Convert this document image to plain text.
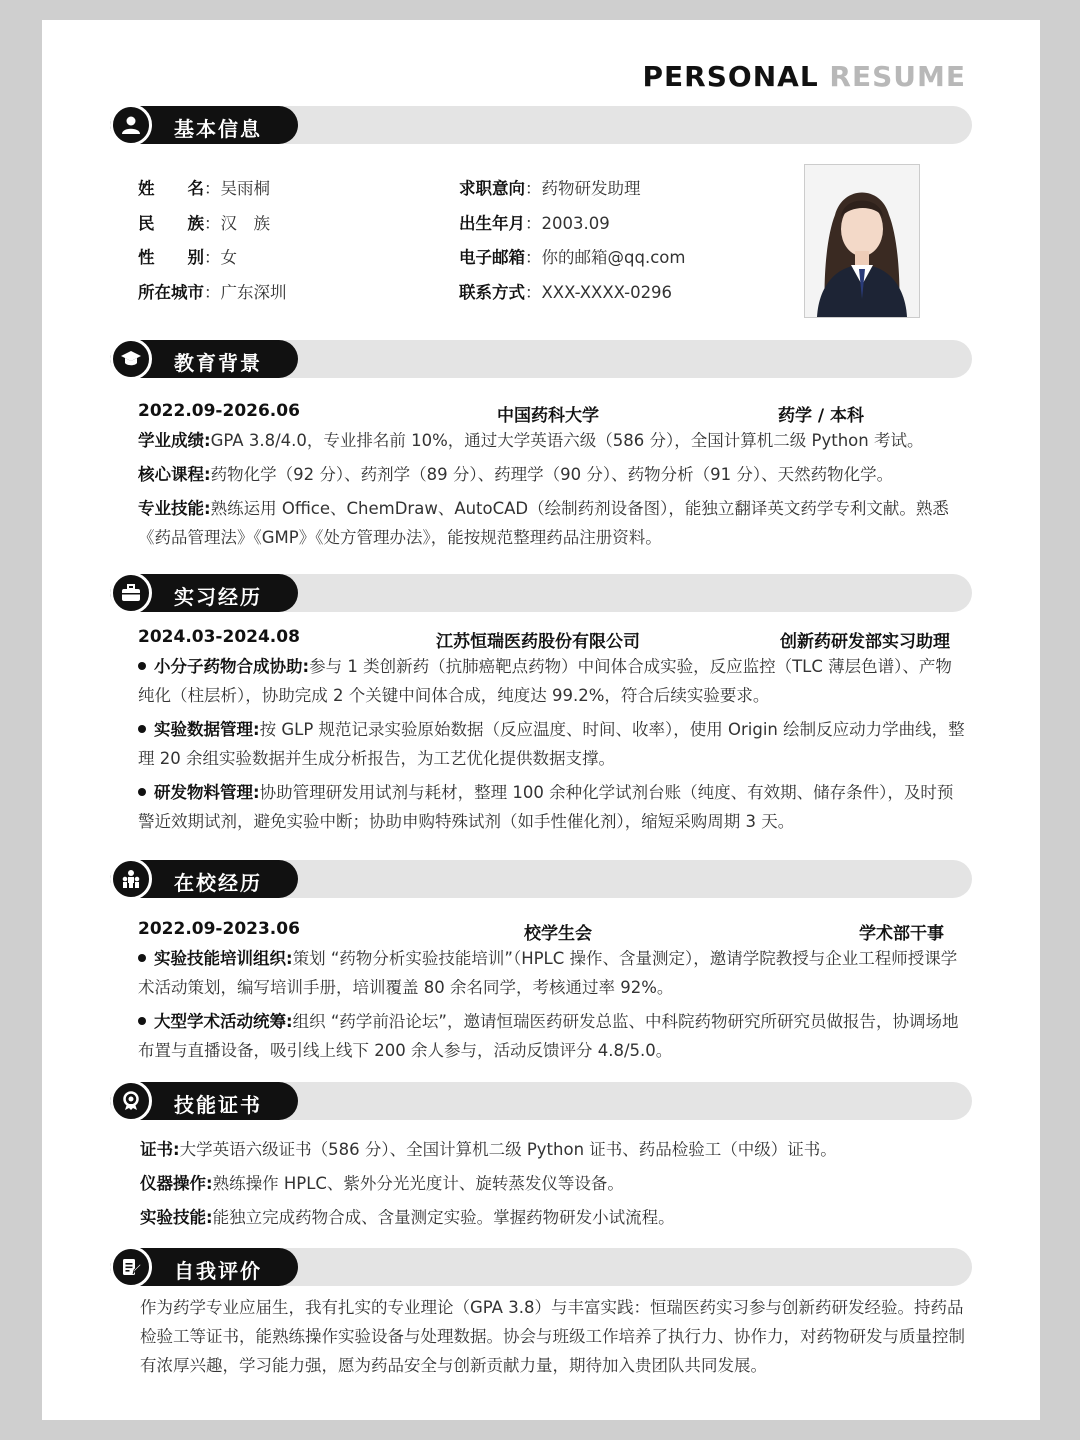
PERSONAL RESUME
基本信息
姓　　名：吴雨桐
民　　族：汉　族
性　　别：女
所在城市：广东深圳
求职意向：药物研发助理
出生年月：2003.09
电子邮箱：你的邮箱@qq.com
联系方式：XXX-XXXX-0296
教育背景
2022.09-2026.06	中国药科大学	药学 / 本科
学业成绩:GPA 3.8/4.0，专业排名前 10%，通过大学英语六级（586 分），全国计算机二级 Python 考试。
核心课程:药物化学（92 分）、药剂学（89 分）、药理学（90 分）、药物分析（91 分）、天然药物化学。
专业技能:熟练运用 Office、ChemDraw、AutoCAD（绘制药剂设备图），能独立翻译英文药学专利文献。熟悉《药品管理法》《GMP》《处方管理办法》，能按规范整理药品注册资料。
实习经历
2024.03-2024.08	江苏恒瑞医药股份有限公司	创新药研发部实习助理
小分子药物合成协助:参与 1 类创新药（抗肺癌靶点药物）中间体合成实验，反应监控（TLC 薄层色谱）、产物纯化（柱层析），协助完成 2 个关键中间体合成，纯度达 99.2%，符合后续实验要求。
实验数据管理:按 GLP 规范记录实验原始数据（反应温度、时间、收率），使用 Origin 绘制反应动力学曲线，整理 20 余组实验数据并生成分析报告，为工艺优化提供数据支撑。
研发物料管理:协助管理研发用试剂与耗材，整理 100 余种化学试剂台账（纯度、有效期、储存条件），及时预警近效期试剂，避免实验中断；协助申购特殊试剂（如手性催化剂），缩短采购周期 3 天。
在校经历
2022.09-2023.06	校学生会	学术部干事
实验技能培训组织:策划 “药物分析实验技能培训”（HPLC 操作、含量测定），邀请学院教授与企业工程师授课学术活动策划，编写培训手册，培训覆盖 80 余名同学，考核通过率 92%。
大型学术活动统筹:组织 “药学前沿论坛”，邀请恒瑞医药研发总监、中科院药物研究所研究员做报告，协调场地布置与直播设备，吸引线上线下 200 余人参与，活动反馈评分 4.8/5.0。
技能证书
证书:大学英语六级证书（586 分）、全国计算机二级 Python 证书、药品检验工（中级）证书。
仪器操作:熟练操作 HPLC、紫外分光光度计、旋转蒸发仪等设备。
实验技能:能独立完成药物合成、含量测定实验。掌握药物研发小试流程。
自我评价
作为药学专业应届生，我有扎实的专业理论（GPA 3.8）与丰富实践：恒瑞医药实习参与创新药研发经验。持药品检验工等证书，能熟练操作实验设备与处理数据。协会与班级工作培养了执行力、协作力，对药物研发与质量控制有浓厚兴趣，学习能力强，愿为药品安全与创新贡献力量，期待加入贵团队共同发展。
